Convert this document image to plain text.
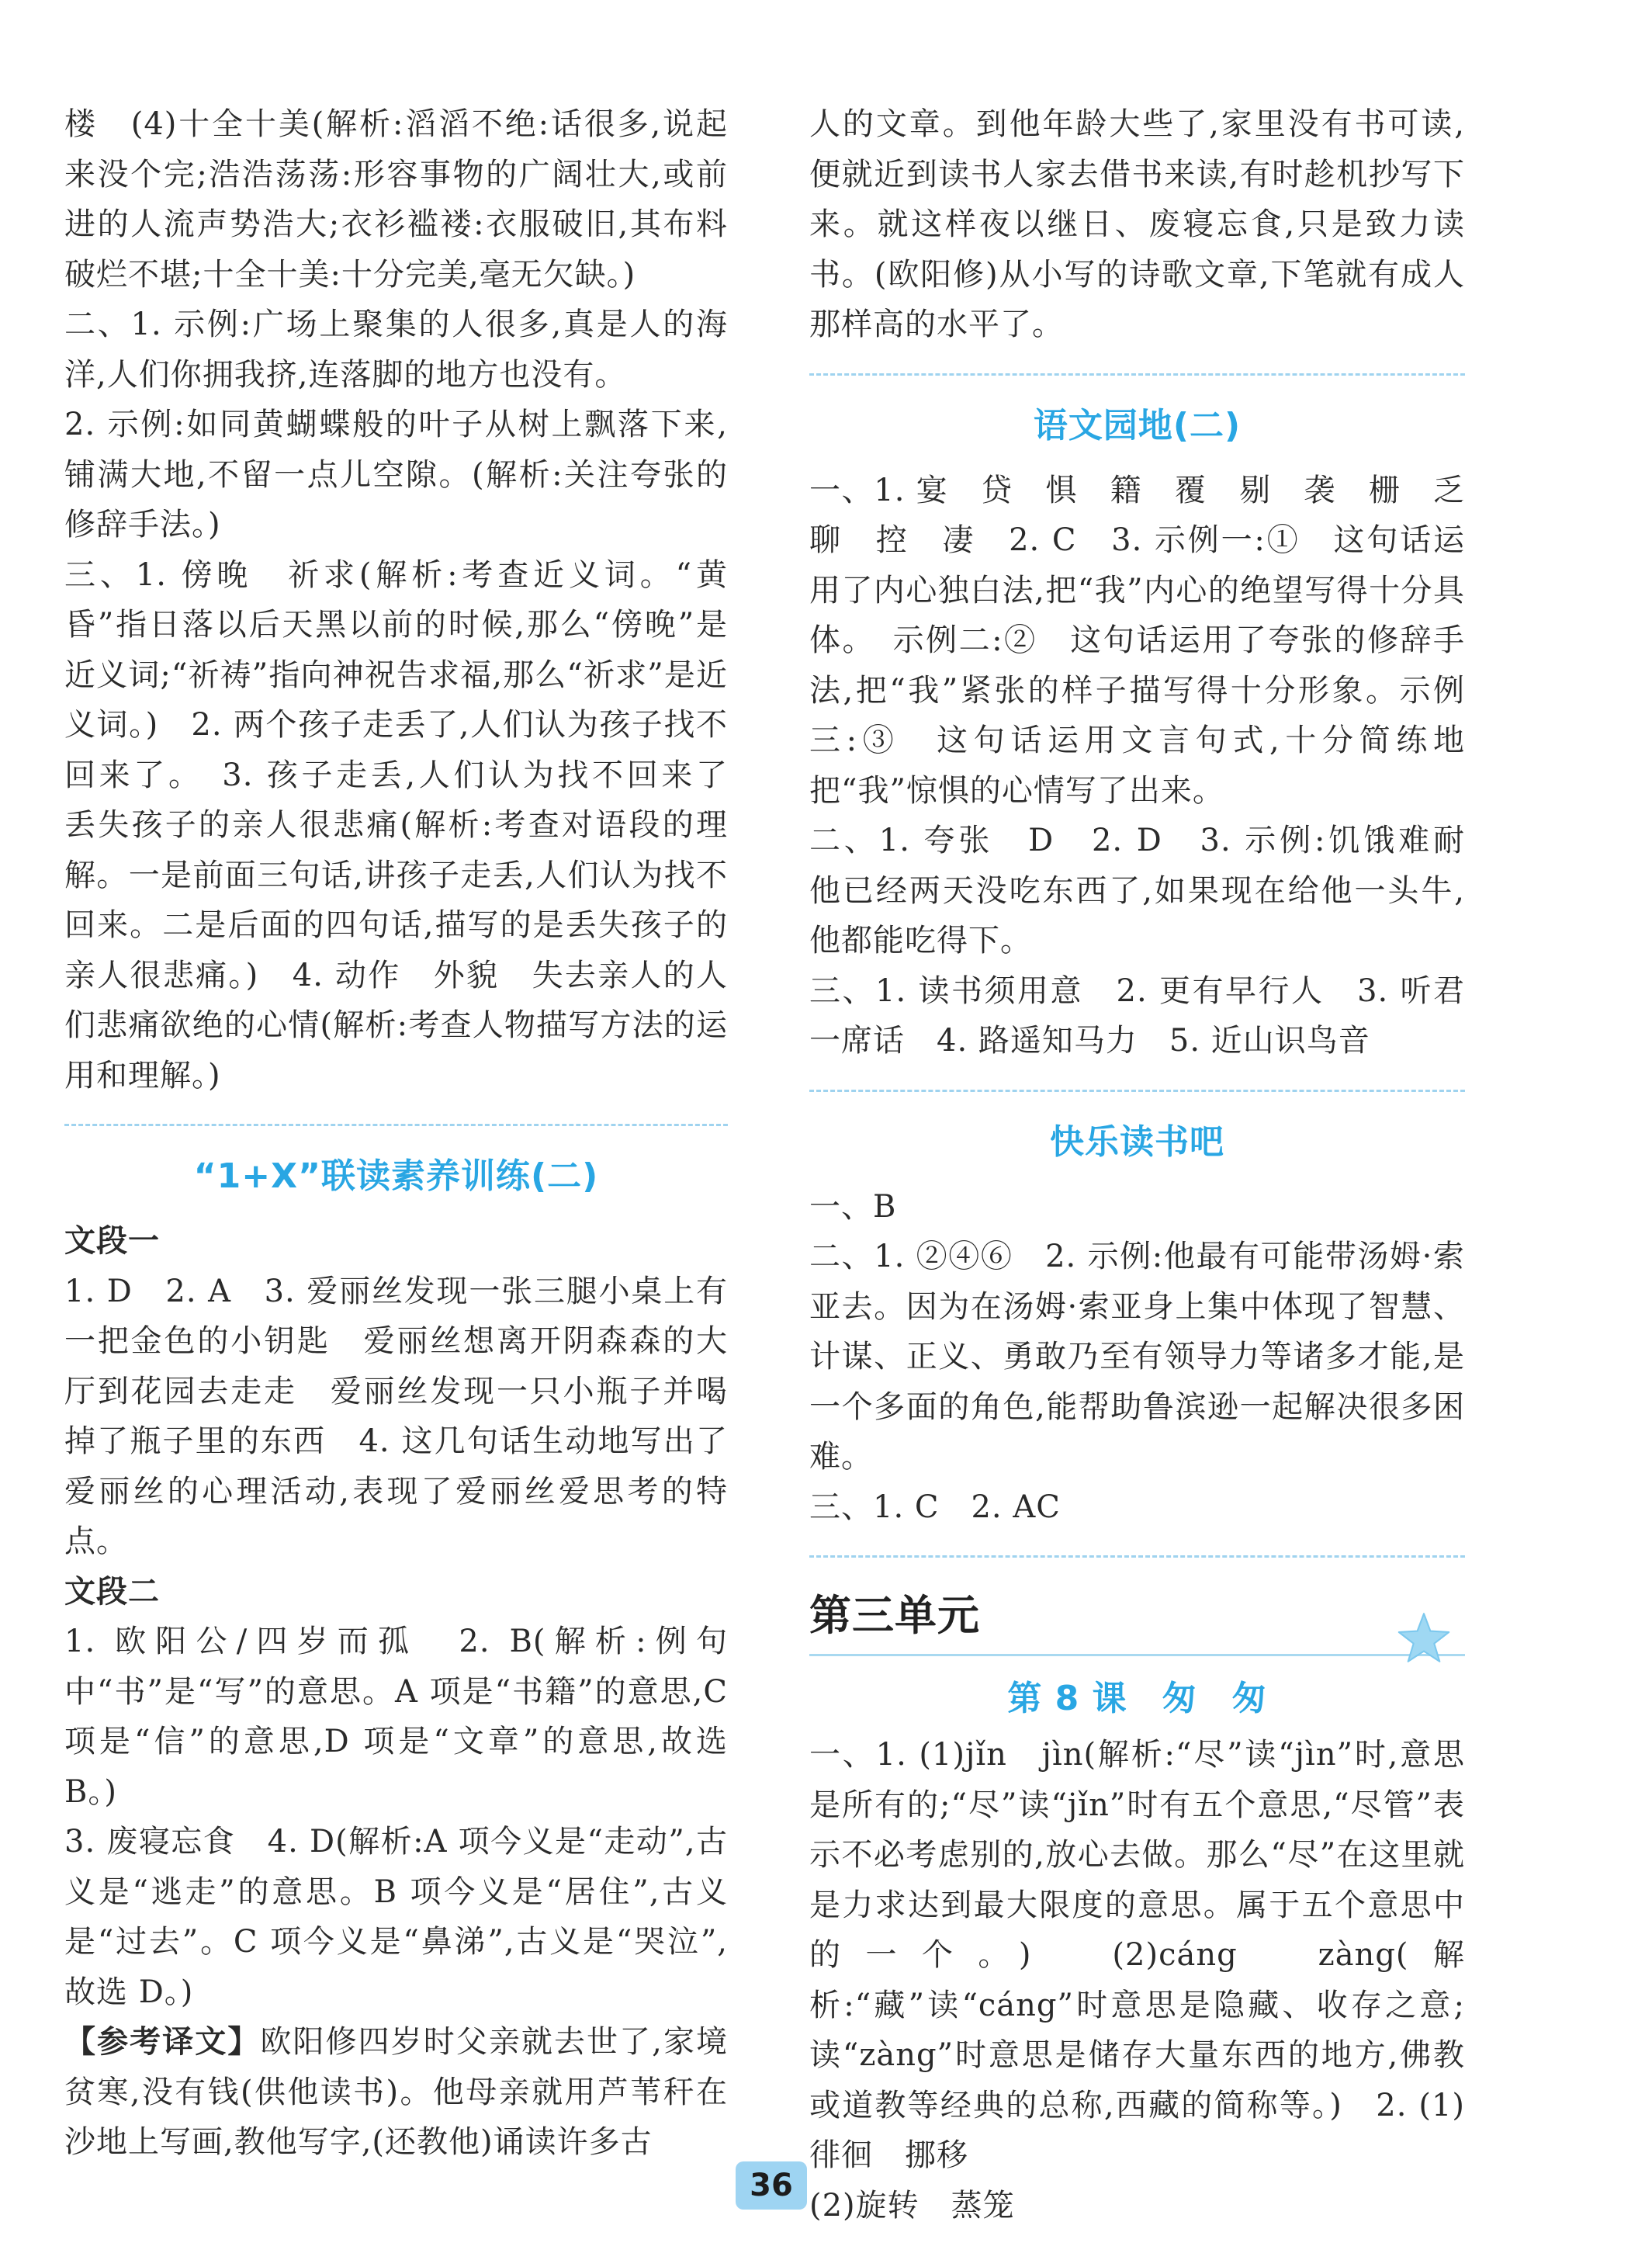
楼　(4)十全十美(解析:滔滔不绝:话很多,说起来没个完;浩浩荡荡:形容事物的广阔壮大,或前进的人流声势浩大;衣衫褴褛:衣服破旧,其布料破烂不堪;十全十美:十分完美,毫无欠缺。)

二、1. 示例:广场上聚集的人很多,真是人的海洋,人们你拥我挤,连落脚的地方也没有。

2. 示例:如同黄蝴蝶般的叶子从树上飘落下来,铺满大地,不留一点儿空隙。(解析:关注夸张的修辞手法。)

三、1. 傍晚　祈求(解析:考查近义词。“黄昏”指日落以后天黑以前的时候,那么“傍晚”是近义词;“祈祷”指向神祝告求福,那么“祈求”是近义词。)　2. 两个孩子走丢了,人们认为孩子找不回来了。　3. 孩子走丢,人们认为找不回来了　丢失孩子的亲人很悲痛(解析:考查对语段的理解。一是前面三句话,讲孩子走丢,人们认为找不回来。二是后面的四句话,描写的是丢失孩子的亲人很悲痛。)　4. 动作　外貌　失去亲人的人们悲痛欲绝的心情(解析:考查人物描写方法的运用和理解。)

“1+X”联读素养训练(二)

文段一

1. D　2. A　3. 爱丽丝发现一张三腿小桌上有一把金色的小钥匙　爱丽丝想离开阴森森的大厅到花园去走走　爱丽丝发现一只小瓶子并喝掉了瓶子里的东西　4. 这几句话生动地写出了爱丽丝的心理活动,表现了爱丽丝爱思考的特点。

文段二

1. 欧阳公/四岁而孤　2. B(解析:例句中“书”是“写”的意思。A 项是“书籍”的意思,C 项是“信”的意思,D 项是“文章”的意思,故选 B。)

3. 废寝忘食　4. D(解析:A 项今义是“走动”,古义是“逃走”的意思。B 项今义是“居住”,古义是“过去”。C 项今义是“鼻涕”,古义是“哭泣”,故选 D。)

【参考译文】欧阳修四岁时父亲就去世了,家境贫寒,没有钱(供他读书)。他母亲就用芦苇秆在沙地上写画,教他写字,(还教他)诵读许多古

人的文章。到他年龄大些了,家里没有书可读,便就近到读书人家去借书来读,有时趁机抄写下来。就这样夜以继日、废寝忘食,只是致力读书。(欧阳修)从小写的诗歌文章,下笔就有成人那样高的水平了。

语文园地(二)

一、1. 宴　贷　惧　籍　覆　剔　袭　栅　乏　聊　控　凄　2. C　3. 示例一:①　这句话运用了内心独白法,把“我”内心的绝望写得十分具体。　示例二:②　这句话运用了夸张的修辞手法,把“我”紧张的样子描写得十分形象。示例三:③　这句话运用文言句式,十分简练地把“我”惊惧的心情写了出来。

二、1. 夸张　D　2. D　3. 示例:饥饿难耐　他已经两天没吃东西了,如果现在给他一头牛,他都能吃得下。

三、1. 读书须用意　2. 更有早行人　3. 听君一席话　4. 路遥知马力　5. 近山识鸟音

快乐读书吧

一、B

二、1. ②④⑥　2. 示例:他最有可能带汤姆·索亚去。因为在汤姆·索亚身上集中体现了智慧、计谋、正义、勇敢乃至有领导力等诸多才能,是一个多面的角色,能帮助鲁滨逊一起解决很多困难。

三、1. C　2. AC

第三单元
第 8 课　匆　匆

一、1. (1)jǐn　jìn(解析:“尽”读“jìn”时,意思是所有的;“尽”读“jǐn”时有五个意思,“尽管”表示不必考虑别的,放心去做。那么“尽”在这里就是力求达到最大限度的意思。属于五个意思中的一个。)　(2)cáng　zàng(解析:“藏”读“cáng”时意思是隐藏、收存之意;读“zàng”时意思是储存大量东西的地方,佛教或道教等经典的总称,西藏的简称等。)　2. (1)徘徊　挪移

(2)旋转　蒸笼

36
